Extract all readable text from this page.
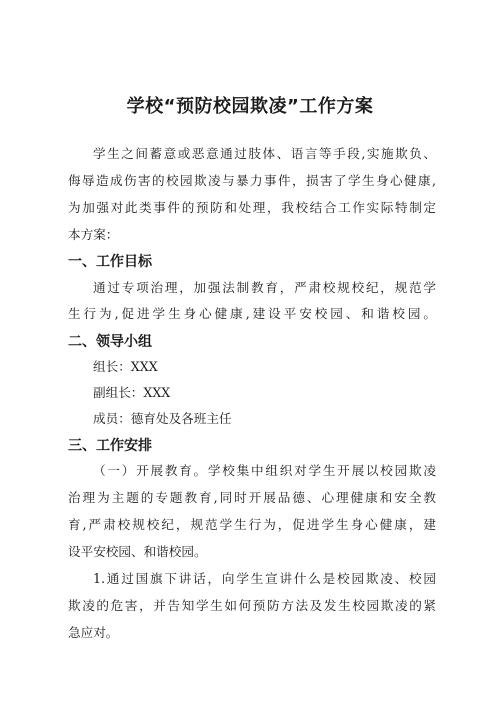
学校“预防校园欺凌”工作方案
学生之间蓄意或恶意通过肢体、语言等手段,实施欺负、
侮辱造成伤害的校园欺凌与暴力事件，损害了学生身心健康,
为加强对此类事件的预防和处理，我校结合工作实际特制定
本方案：
一、工作目标
通过专项治理，加强法制教育，严肃校规校纪，规范学
生行为,促进学生身心健康,建设平安校园、和谐校园。
二、领导小组
组长：XXX
副组长：XXX
成员：德育处及各班主任
三、工作安排
（一）开展教育。学校集中组织对学生开展以校园欺凌
治理为主题的专题教育,同时开展品德、心理健康和安全教
育,严肃校规校纪，规范学生行为，促进学生身心健康，建
设平安校园、和谐校园。
1.通过国旗下讲话，向学生宣讲什么是校园欺凌、校园
欺凌的危害，并告知学生如何预防方法及发生校园欺凌的紧
急应对。
